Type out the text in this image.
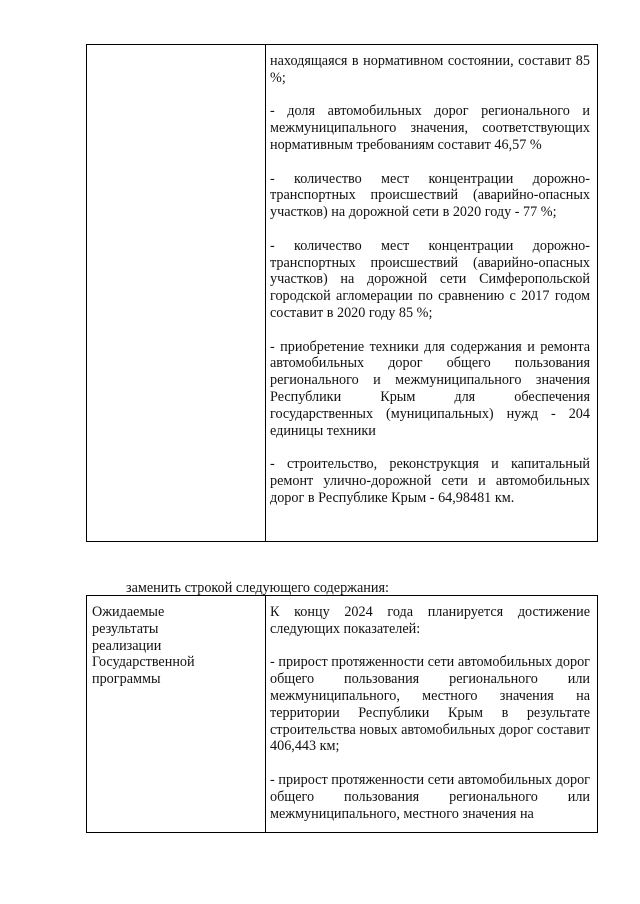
находящаяся в нормативном состоянии, составит 85 %;

- доля автомобильных дорог регионального и межмуниципального значения, соответствующих нормативным требованиям составит 46,57 %

- количество мест концентрации дорожно-транспортных происшествий (аварийно-опасных участков) на дорожной сети в 2020 году - 77 %;

- количество мест концентрации дорожно-транспортных происшествий (аварийно-опасных участков) на дорожной сети Симферопольской городской агломерации по сравнению с 2017 годом составит в 2020 году 85 %;

- приобретение техники для содержания и ремонта автомобильных дорог общего пользования регионального и межмуниципального значения Республики Крым для обеспечения государственных (муниципальных) нужд - 204 единицы техники

- строительство, реконструкция и капитальный ремонт улично-дорожной сети и автомобильных дорог в Республике Крым - 64,98481 км.

заменить строкой следующего содержания:

Ожидаемые

результаты

реализации

Государственной

программы

К концу 2024 года планируется достижение следующих показателей:

- прирост протяженности сети автомобильных дорог общего пользования регионального или межмуниципального, местного значения на территории Республики Крым в результате строительства новых автомобильных дорог составит 406,443 км;

- прирост протяженности сети автомобильных дорог общего пользования регионального или межмуниципального, местного значения на
